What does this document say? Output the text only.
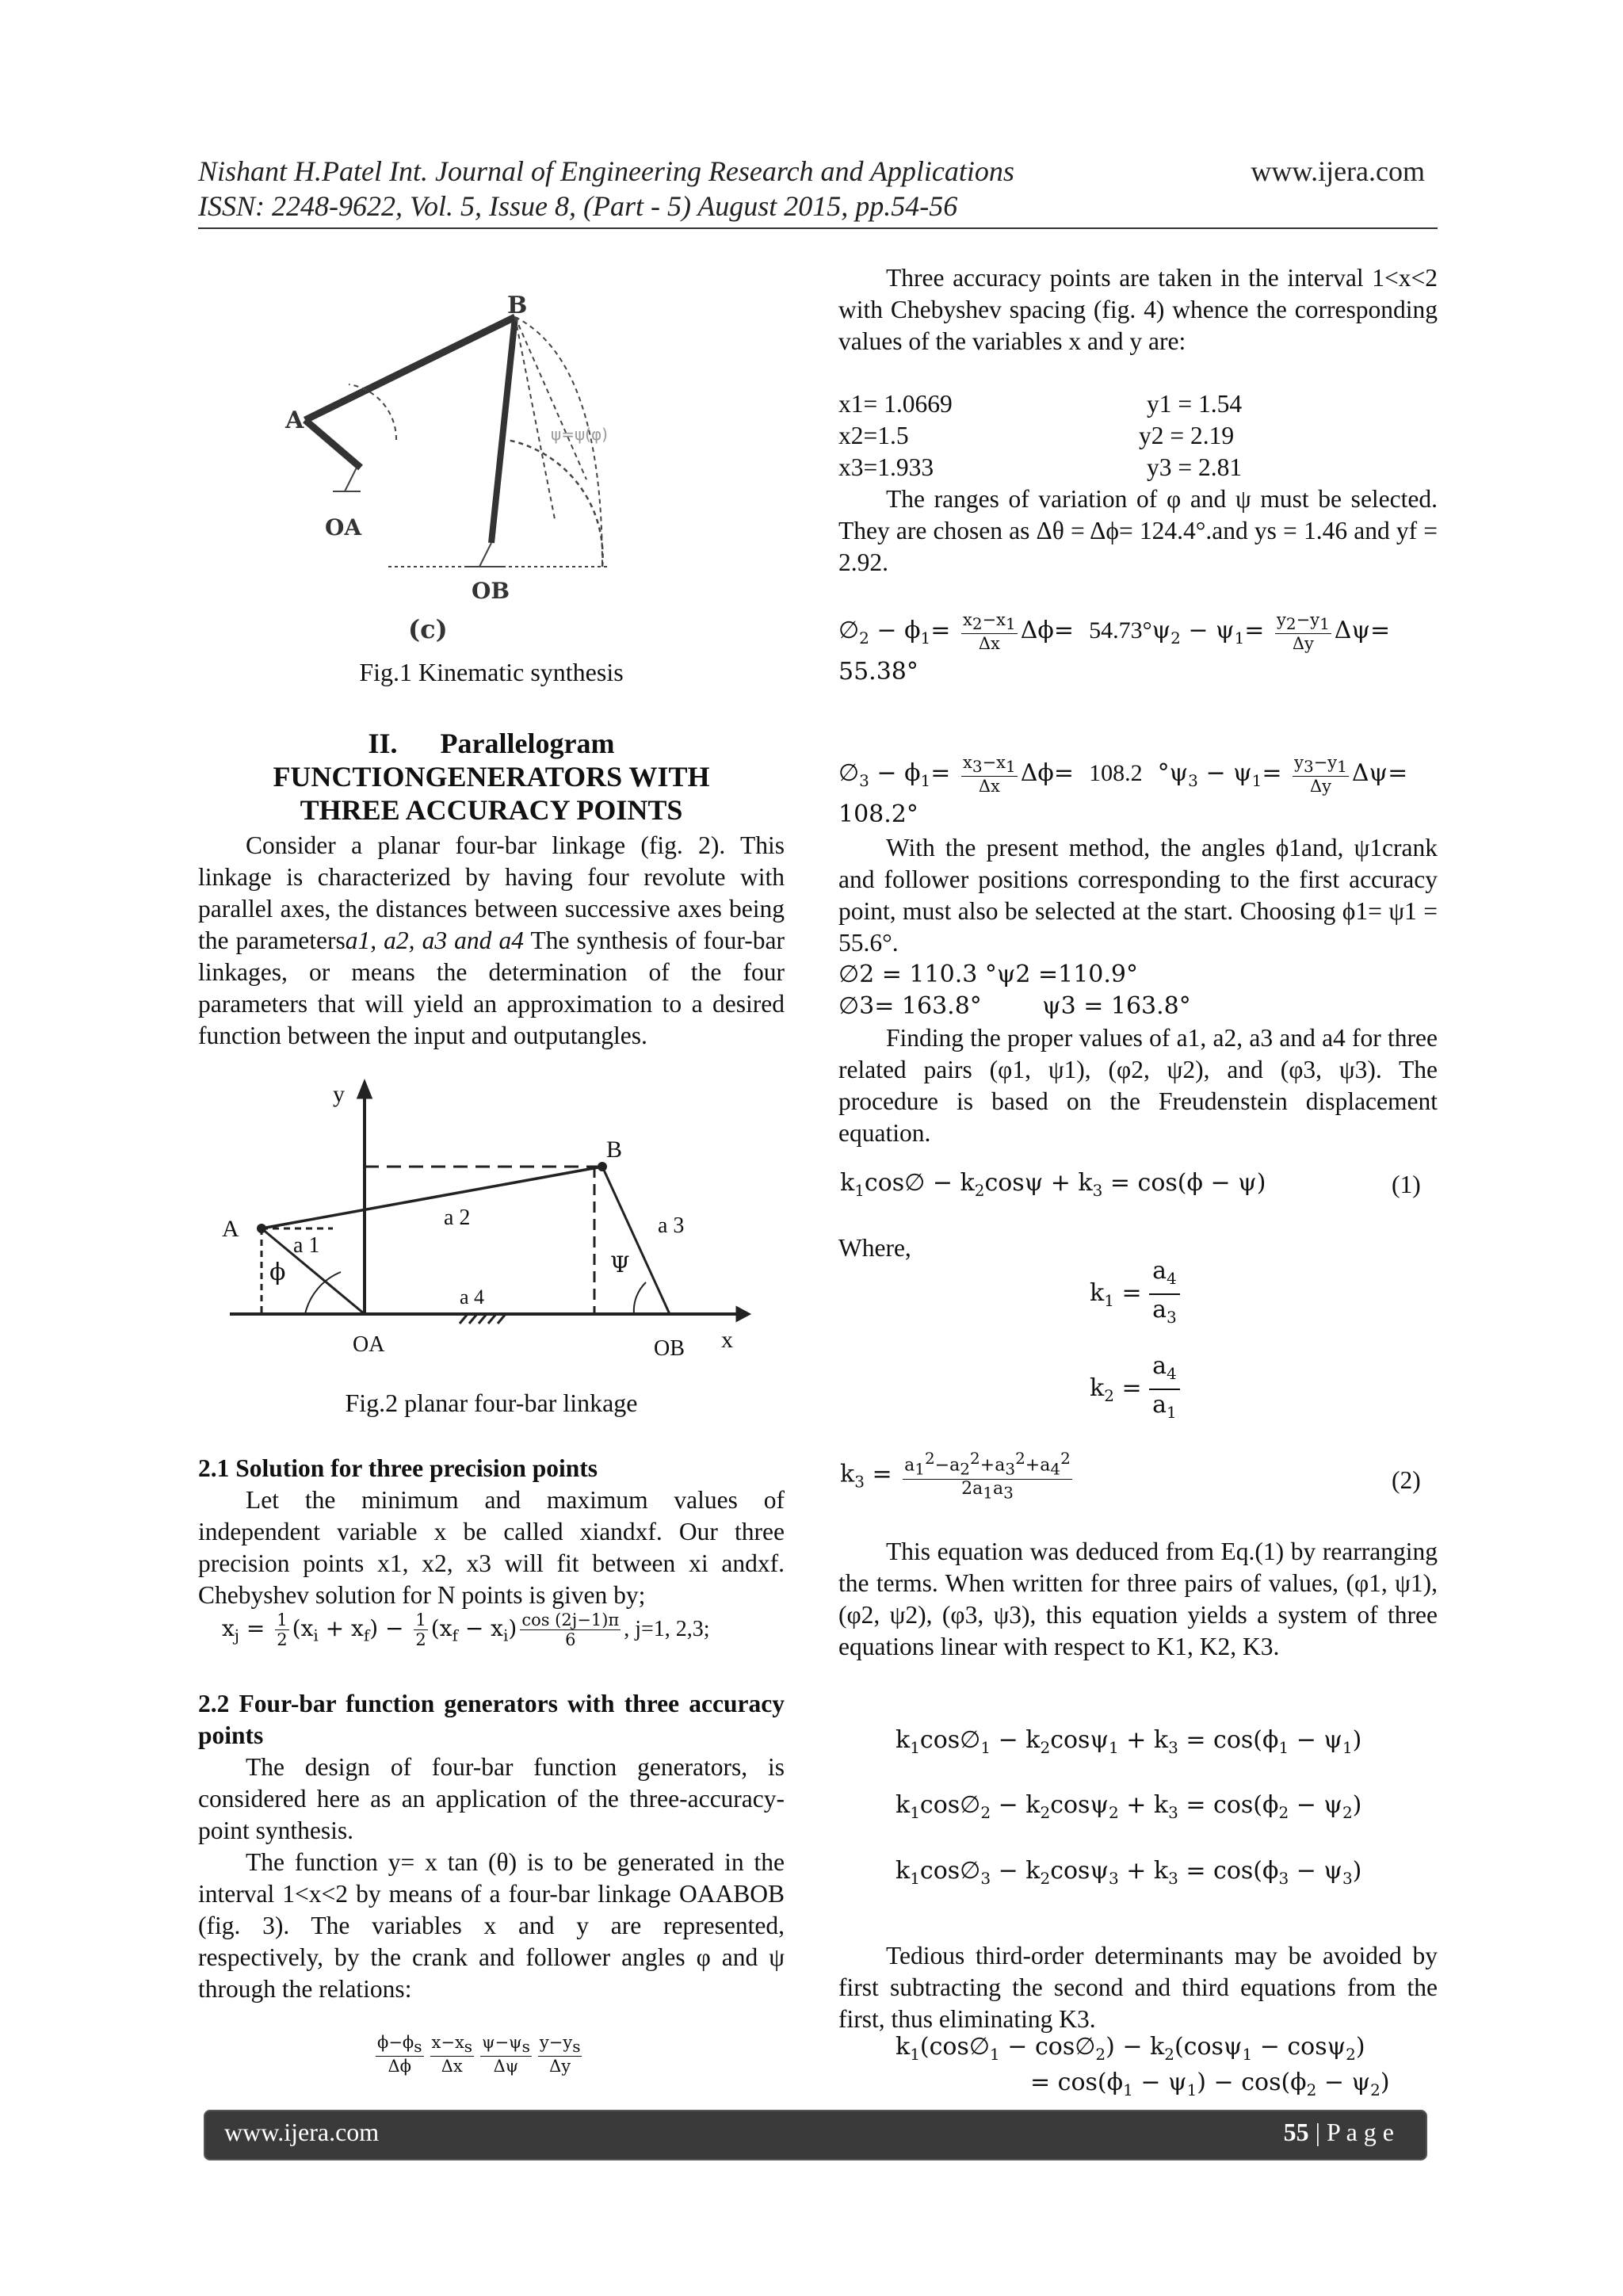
Nishant H.Patel Int. Journal of Engineering Research and Applications	www.ijera.com
ISSN: 2248-9622, Vol. 5, Issue 8, (Part - 5) August 2015, pp.54-56
A
B
OA
OB
(c)
ψ=ψ(φ)
Fig.1 Kinematic synthesis
II. Parallelogram
FUNCTIONGENERATORS WITH
THREE ACCURACY POINTS

Consider a planar four-bar linkage (fig. 2). This linkage is characterized by having four revolute with parallel axes, the distances between successive axes being the parametersa1, a2, a3 and a4 The synthesis of four-bar linkages, or means the determination of the four parameters that will yield an approximation to a desired function between the input and outputangles.

y
x
A
B
a 1
a 2	a 3
a 4
ϕ	Ψ
OA	OB
Fig.2 planar four-bar linkage
2.1 Solution for three precision points

Let the minimum and maximum values of independent variable x be called xiandxf. Our three precision points x1, x2, x3 will fit between xi andxf. Chebyshev solution for N points is given by;

$x_j = \frac{1}{2} (x_i + x_f) - \frac{1}{2} (x_f - x_i) \frac{\cos (2j-1)\pi}{6}$ , j=1, 2,3;
2.2 Four-bar function generators with three accuracy points

The design of four-bar function generators, is considered here as an application of the three-accuracy-point synthesis.

The function y= x tan (θ) is to be generated in the interval 1<x<2 by means of a four-bar linkage OAABOB (fig. 3). The variables x and y are represented, respectively, by the crank and follower angles φ and ψ through the relations:

$\frac{\phi-\phi_s}{\Delta\phi} \frac{x-x_s}{\Delta x} \frac{\psi-\psi_s}{\Delta\psi} \frac{y-y_s}{\Delta y}$

Three accuracy points are taken in the interval 1<x<2 with Chebyshev spacing (fig. 4) whence the corresponding values of the variables x and y are:

x1= 1.0669	y1 = 1.54
x2=1.5	y2 = 2.19
x3=1.933	y3 = 2.81

The ranges of variation of φ and ψ must be selected. They are chosen as Δθ = Δϕ= 124.4°.and ys = 1.46 and yf = 2.92.

$\emptyset_2 - \phi_1= \frac{x_2-x_1}{\Delta x} \Delta\phi= 54.73^\circ\psi_2 - \psi_1= \frac{y_2-y_1}{\Delta y} \Delta\psi=$
55.38°
$\emptyset_3 - \phi_1= \frac{x_3-x_1}{\Delta x} \Delta\phi= 108.2$  $^\circ\psi_3 - \psi_1= \frac{y_3-y_1}{\Delta y} \Delta\psi=$
108.2°

With the present method, the angles ϕ1and, ψ1crank and follower positions corresponding to the first accuracy point, must also be selected at the start. Choosing ϕ1= ψ1 = 55.6°.

∅2 = 110.3 °ψ2 =110.9°

∅3= 163.8°        ψ3 = 163.8°

Finding the proper values of a1, a2, a3 and a4 for three related pairs (φ1, ψ1), (φ2, ψ2), and (φ3, ψ3). The procedure is based on the Freudenstein displacement equation.

$k_1\cos\emptyset - k_2\cos\psi + k_3 = \cos(\phi - \psi)$	(1)
Where,
$k_1 = \frac{a_4}{a_3}$
$k_2 = \frac{a_4}{a_1}$
$k_3 = \frac{a_1^2-a_2^2+a_3^2+a_4^2}{2a_1a_3}$	(2)

This equation was deduced from Eq.(1) by rearranging the terms. When written for three pairs of values, (φ1, ψ1), (φ2, ψ2), (φ3, ψ3), this equation yields a system of three equations linear with respect to K1, K2, K3.

$k_1\cos\emptyset_1 - k_2\cos\psi_1 + k_3 = \cos(\phi_1 - \psi_1)$
$k_1\cos\emptyset_2 - k_2\cos\psi_2 + k_3 = \cos(\phi_2 - \psi_2)$
$k_1\cos\emptyset_3 - k_2\cos\psi_3 + k_3 = \cos(\phi_3 - \psi_3)$

Tedious third-order determinants may be avoided by first subtracting the second and third equations from the first, thus eliminating K3.

$k_1(\cos\emptyset_1$ − $\cos\emptyset_2) - k_2(\cos\psi_1 - \cos\psi_2)$
= $\cos(\phi_1 - \psi_1) - \cos(\phi_2 - \psi_2)$
www.ijera.com	55 | P a g e
